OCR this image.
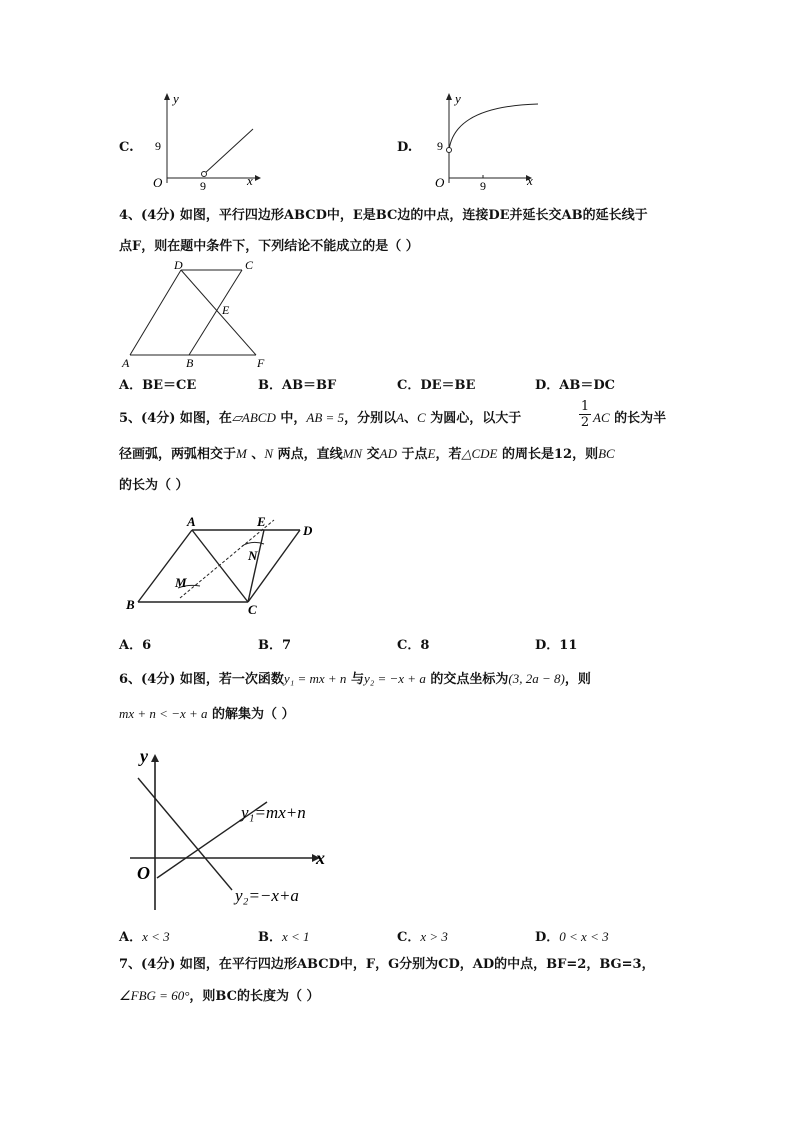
C.
y
x
O
9
9
D.
y
x
O
9
9
4、(4分) 如图，平行四边形ABCD中，E是BC边的中点，连接DE并延长交AB的延长线于
点F，则在题中条件下，下列结论不能成立的是（ ）
D	C
E
A	B	F
A．BE＝CE	B．AB＝BF	C．DE＝BE	D．AB＝DC
5、(4分) 如图，在▱ABCD 中，AB = 5，分别以A、C 为圆心，以大于
1
2 AC 的长为半
径画弧，两弧相交于M 、N 两点，直线MN 交AD 于点E，若△CDE 的周长是12，则BC
的长为（ ）
A	E
D
B	C
M
N
A．6	B．7	C．8	D．11
6、(4分) 如图，若一次函数y₁ = mx + n 与y₂ = −x + a 的交点坐标为(3, 2a − 8)，则
mx + n < −x + a 的解集为（ ）
y
x
O
y₁=mx+n
y₂=−x+a
A．x < 3	B．x < 1	C．x > 3	D．0 < x < 3
7、(4分) 如图，在平行四边形ABCD中，F，G分别为CD，AD的中点，BF=2，BG=3，
∠FBG = 60°，则BC的长度为（ ）
